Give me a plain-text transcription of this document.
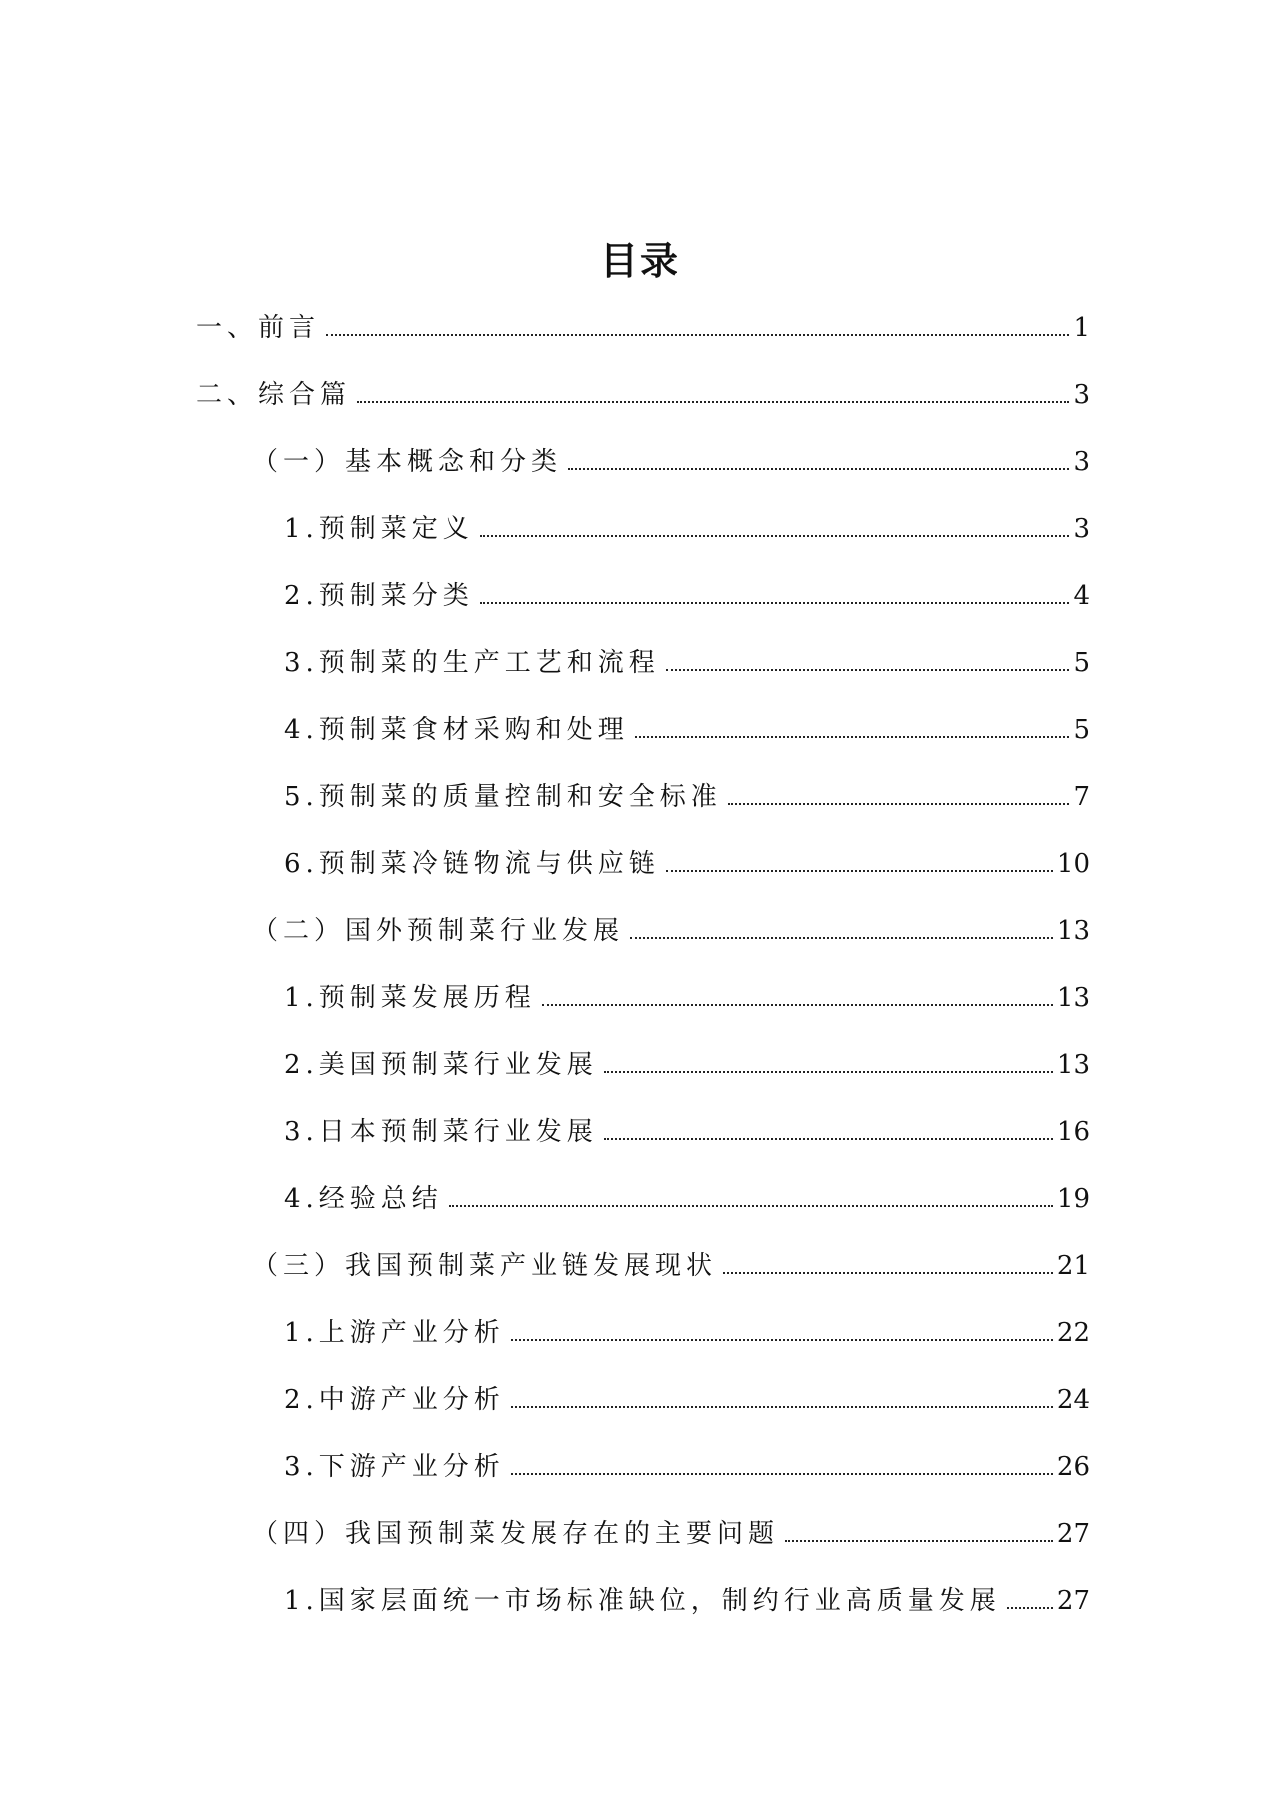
目录
一、前言	1
二、综合篇	3
（一）基本概念和分类	3
1.预制菜定义	3
2.预制菜分类	4
3.预制菜的生产工艺和流程	5
4.预制菜食材采购和处理	5
5.预制菜的质量控制和安全标准	7
6.预制菜冷链物流与供应链	10
（二）国外预制菜行业发展	13
1.预制菜发展历程	13
2.美国预制菜行业发展	13
3.日本预制菜行业发展	16
4.经验总结	19
（三）我国预制菜产业链发展现状	21
1.上游产业分析	22
2.中游产业分析	24
3.下游产业分析	26
（四）我国预制菜发展存在的主要问题	27
1.国家层面统一市场标准缺位，制约行业高质量发展 27
